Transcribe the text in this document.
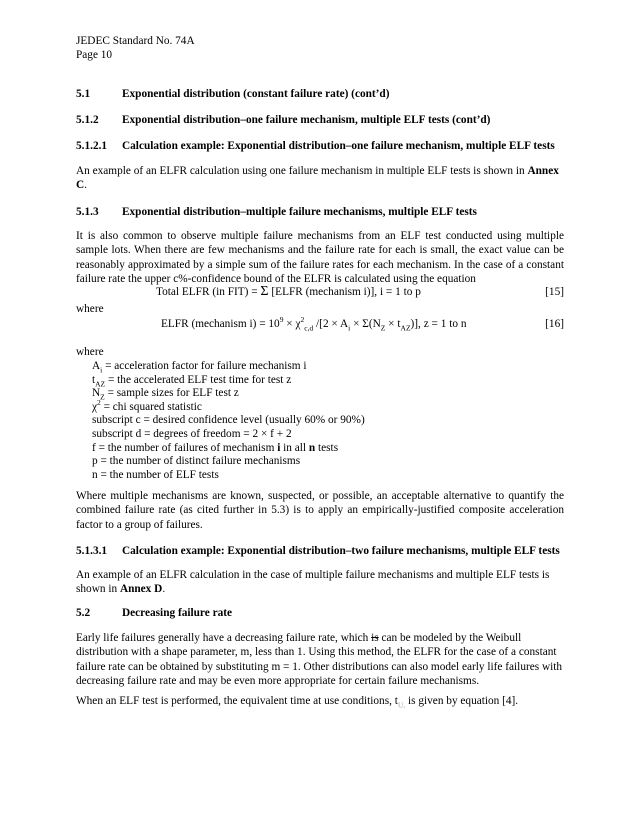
JEDEC Standard No. 74A
Page 10
5.1	Exponential distribution (constant failure rate) (cont’d)
5.1.2 Exponential distribution–one failure mechanism, multiple ELF tests (cont’d)
5.1.2.1 Calculation example: Exponential distribution–one failure mechanism, multiple ELF tests

An example of an ELFR calculation using one failure mechanism in multiple ELF tests is shown in Annex C.

5.1.3 Exponential distribution–multiple failure mechanisms, multiple ELF tests

It is also common to observe multiple failure mechanisms from an ELF test conducted using multiple sample lots. When there are few mechanisms and the failure rate for each is small, the exact value can be reasonably approximated by a simple sum of the failure rates for each mechanism. In the case of a constant failure rate the upper c%-confidence bound of the ELFR is calculated using the equation

Total ELFR (in FIT) = Σ [ELFR (mechanism i)], i = 1 to p	[15]
where
ELFR (mechanism $i) = 10^9 \times \chi^2_{c,d}$ $/[2 \times A_i \times \Sigma(N_Z \times t_{AZ})]$, z = 1 to n	[16]
where
$A_i$ = acceleration factor for failure mechanism i
$t_{AZ}$ = the accelerated ELF test time for test z
$N_Z$ = sample sizes for ELF test z
$\chi^2$ = chi squared statistic
subscript c = desired confidence level (usually 60% or 90%)
subscript d = degrees of freedom = 2 × f + 2
f = the number of failures of mechanism i in all n tests
p = the number of distinct failure mechanisms
n = the number of ELF tests

Where multiple mechanisms are known, suspected, or possible, an acceptable alternative to quantify the combined failure rate (as cited further in 5.3) is to apply an empirically-justified composite acceleration factor to a group of failures.

5.1.3.1 Calculation example: Exponential distribution–two failure mechanisms, multiple ELF tests

An example of an ELFR calculation in the case of multiple failure mechanisms and multiple ELF tests is shown in Annex D.

5.2	Decreasing failure rate

Early life failures generally have a decreasing failure rate, which is can be modeled by the Weibull distribution with a shape parameter, m, less than 1. Using this method, the ELFR for the case of a constant failure rate can be obtained by substituting m = 1. Other distributions can also model early life failures with decreasing failure rate and may be even more appropriate for certain failure mechanisms.

When an ELF test is performed, the equivalent time at use conditions, $t_{U,}$ is given by equation [4].
